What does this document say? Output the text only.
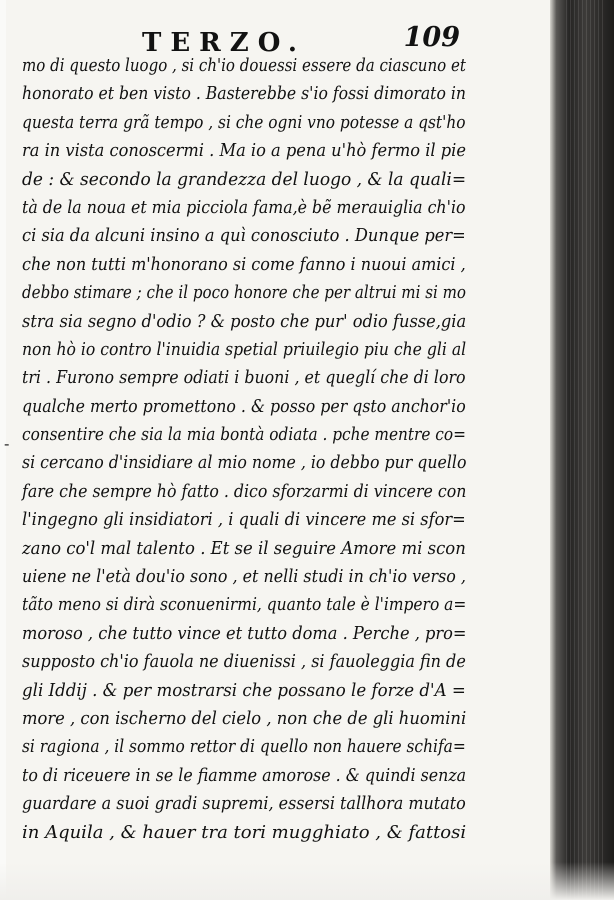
TERZO.	109
-
mo di questo luogo , si ch'io douessi essere da ciascuno et
honorato et ben visto . Basterebbe s'io fossi dimorato in
questa terra grã tempo , si che ogni vno potesse a qst'ho
ra in vista conoscermi . Ma io a pena u'hò fermo il pie
de : & secondo la grandezza del luogo , & la quali=
tà de la noua et mia picciola fama,è bẽ merauiglia ch'io
ci sia da alcuni insino a quì conosciuto . Dunque per=
che non tutti m'honorano si come fanno i nuoui amici ,
debbo stimare ; che il poco honore che per altrui mi si mo
stra sia segno d'odio ? & posto che pur' odio fusse,gia
non hò io contro l'inuidia spetial priuilegio piu che gli al
tri . Furono sempre odiati i buoni , et queglí che di loro
qualche merto promettono . & posso per qsto anchor'io
consentire che sia la mia bontà odiata . pche mentre co=
si cercano d'insidiare al mio nome , io debbo pur quello
fare che sempre hò fatto . dico sforzarmi di vincere con
l'ingegno gli insidiatori , i quali di vincere me si sfor=
zano co'l mal talento . Et se il seguire Amore mi scon
uiene ne l'età dou'io sono , et nelli studi in ch'io verso ,
tãto meno si dirà sconuenirmi, quanto tale è l'impero a=
moroso , che tutto vince et tutto doma . Perche , pro=
supposto ch'io fauola ne diuenissi , si fauoleggia fin de
gli Iddij . & per mostrarsi che possano le forze d'A =
more , con ischerno del cielo , non che de gli huomini
si ragiona , il sommo rettor di quello non hauere schifa=
to di riceuere in se le fiamme amorose . & quindi senza
guardare a suoi gradi supremi, essersi tallhora mutato
in Aquila , & hauer tra tori mugghiato , & fattosi
